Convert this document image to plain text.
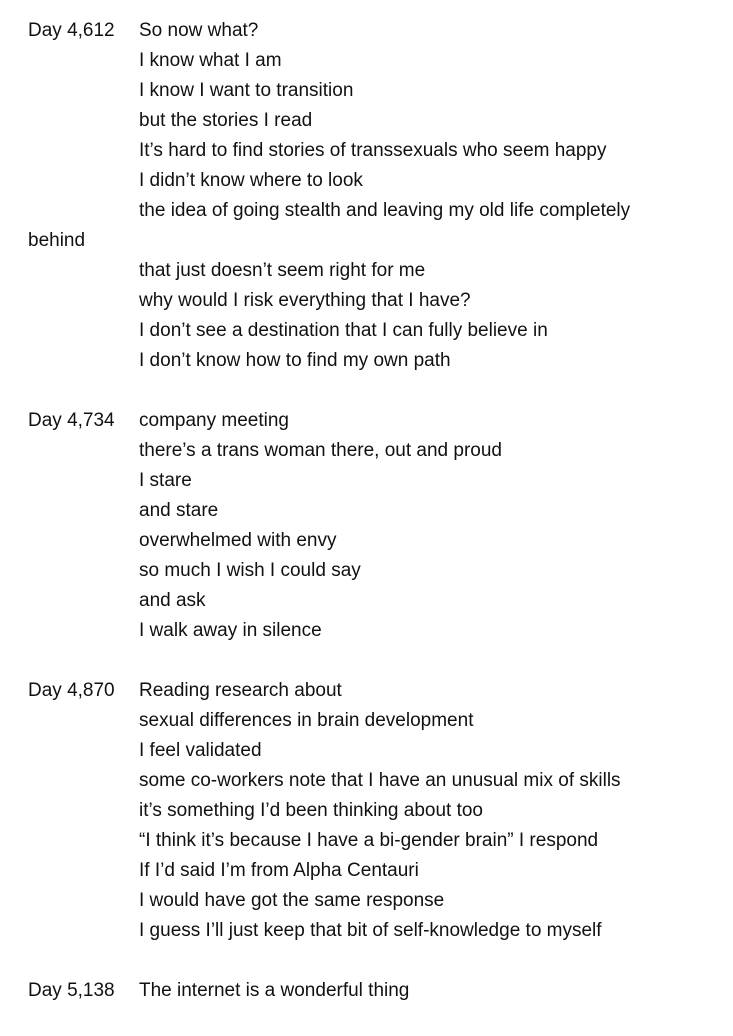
Day 4,612 So now what?
I know what I am
I know I want to transition
but the stories I read
It’s hard to find stories of transsexuals who seem happy
I didn’t know where to look
the idea of going stealth and leaving my old life completely
behind
that just doesn’t seem right for me
why would I risk everything that I have?
I don’t see a destination that I can fully believe in
I don’t know how to find my own path
Day 4,734 company meeting
there’s a trans woman there, out and proud
I stare
and stare
overwhelmed with envy
so much I wish I could say
and ask
I walk away in silence
Day 4,870 Reading research about
sexual differences in brain development
I feel validated
some co-workers note that I have an unusual mix of skills
it’s something I’d been thinking about too
“I think it’s because I have a bi-gender brain” I respond
If I’d said I’m from Alpha Centauri
I would have got the same response
I guess I’ll just keep that bit of self-knowledge to myself
Day 5,138 The internet is a wonderful thing
